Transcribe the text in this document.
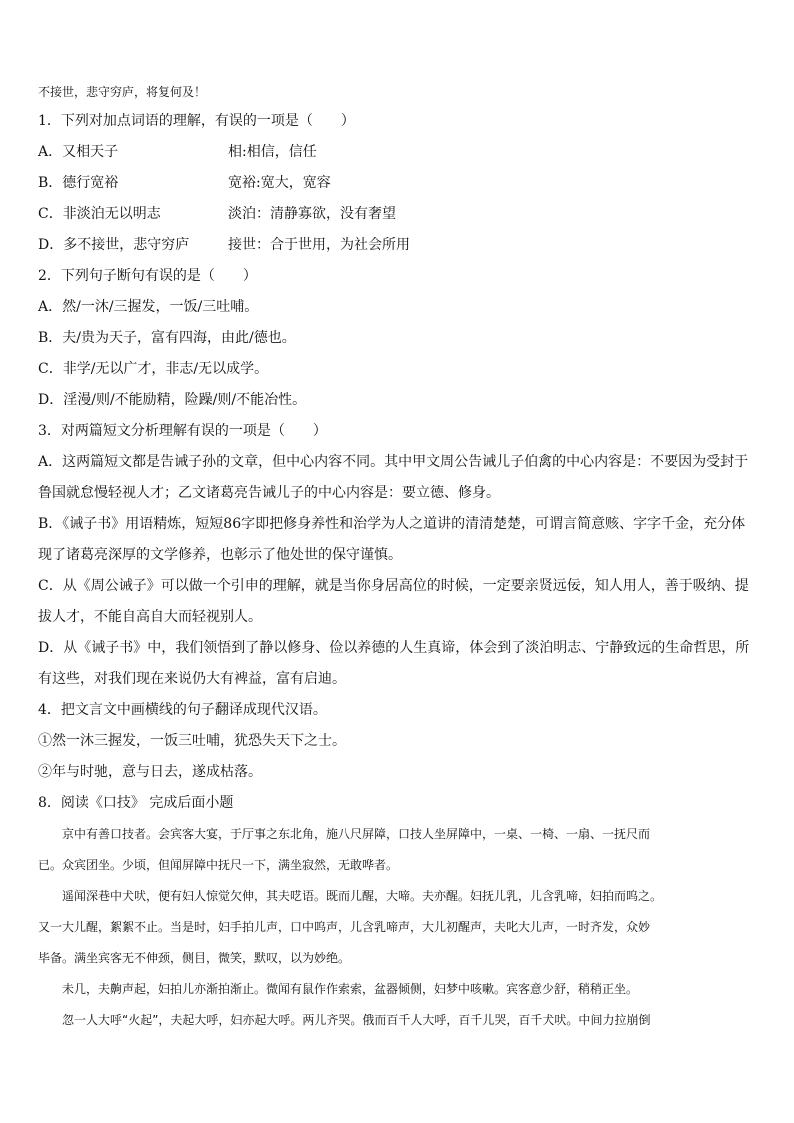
不接世，悲守穷庐，将复何及！
1．下列对加点词语的理解，有误的一项是（　　）
A．又相天子	相:相信，信任
B．德行宽裕	宽裕:宽大，宽容
C．非淡泊无以明志	淡泊：清静寡欲，没有奢望
D．多不接世，悲守穷庐	接世：合于世用，为社会所用
2．下列句子断句有误的是（　　）
A．然/一沐/三握发，一饭/三吐哺。
B．夫/贵为天子，富有四海，由此/德也。
C．非学/无以广才，非志/无以成学。
D．淫漫/则/不能励精，险躁/则/不能冶性。
3．对两篇短文分析理解有误的一项是（　　）
A．这两篇短文都是告诫子孙的文章，但中心内容不同。其中甲文周公告诫儿子伯禽的中心内容是：不要因为受封于
鲁国就怠慢轻视人才；乙文诸葛亮告诫儿子的中心内容是：要立德、修身。
B．《诫子书》用语精炼，短短86字即把修身养性和治学为人之道讲的清清楚楚，可谓言简意赅、字字千金，充分体
现了诸葛亮深厚的文学修养，也彰示了他处世的保守谨慎。
C．从《周公诫子》可以做一个引申的理解，就是当你身居高位的时候，一定要亲贤远佞，知人用人，善于吸纳、提
拔人才，不能自高自大而轻视别人。
D．从《诫子书》中，我们领悟到了静以修身、俭以养德的人生真谛，体会到了淡泊明志、宁静致远的生命哲思，所
有这些，对我们现在来说仍大有裨益，富有启迪。
4．把文言文中画横线的句子翻译成现代汉语。
①然一沐三握发，一饭三吐哺，犹恐失天下之士。
②年与时驰，意与日去，遂成枯落。
8．阅读《口技》 完成后面小题
京中有善口技者。会宾客大宴，于厅事之东北角，施八尺屏障，口技人坐屏障中，一桌、一椅、一扇、一抚尺而
已。众宾团坐。少顷，但闻屏障中抚尺一下，满坐寂然，无敢哗者。
遥闻深巷中犬吠，便有妇人惊觉欠伸，其夫呓语。既而儿醒，大啼。夫亦醒。妇抚儿乳，儿含乳啼，妇拍而呜之。
又一大儿醒，絮絮不止。当是时，妇手拍儿声，口中呜声，儿含乳啼声，大儿初醒声，夫叱大儿声，一时齐发，众妙
毕备。满坐宾客无不伸颈，侧目，微笑，默叹，以为妙绝。
未几，夫齁声起，妇拍儿亦渐拍渐止。微闻有鼠作作索索，盆器倾侧，妇梦中咳嗽。宾客意少舒，稍稍正坐。
忽一人大呼“火起”，夫起大呼，妇亦起大呼。两儿齐哭。俄而百千人大呼，百千儿哭，百千犬吠。中间力拉崩倒
